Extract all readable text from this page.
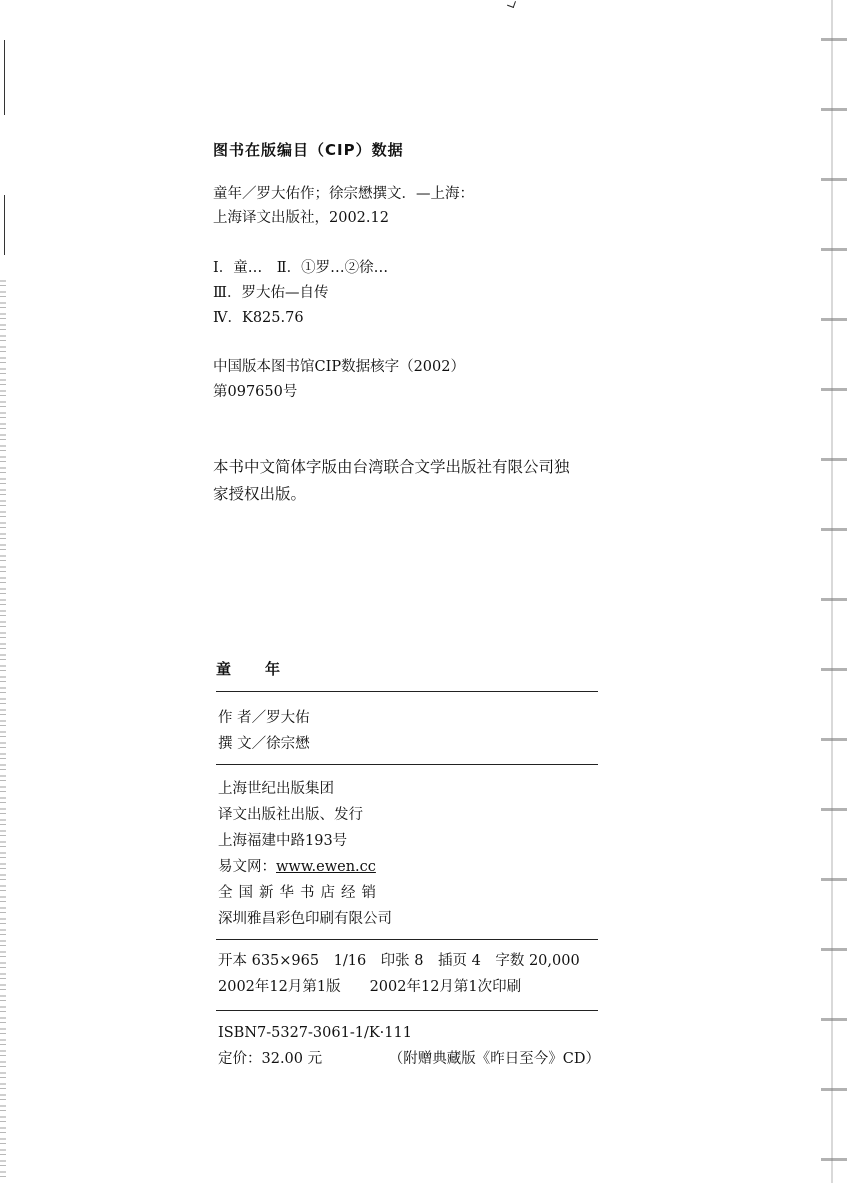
图书在版编目（CIP）数据
童年／罗大佑作；徐宗懋撰文．—上海：
上海译文出版社，2002.12
Ⅰ．童…　Ⅱ．①罗…②徐…
Ⅲ．罗大佑—自传
Ⅳ．K825.76
中国版本图书馆CIP数据核字（2002）
第097650号
本书中文简体字版由台湾联合文学出版社有限公司独
家授权出版。
童 年
作 者／罗大佑
撰 文／徐宗懋
上海世纪出版集团
译文出版社出版、发行
上海福建中路193号
易文网：www.ewen.cc
全国新华书店经销
深圳雅昌彩色印刷有限公司
开本 635×965　1/16　印张 8　插页 4　字数 20,000
2002年12月第1版　　2002年12月第1次印刷
ISBN7-5327-3061-1/K·111
定价：32.00 元	（附赠典藏版《昨日至今》CD）
